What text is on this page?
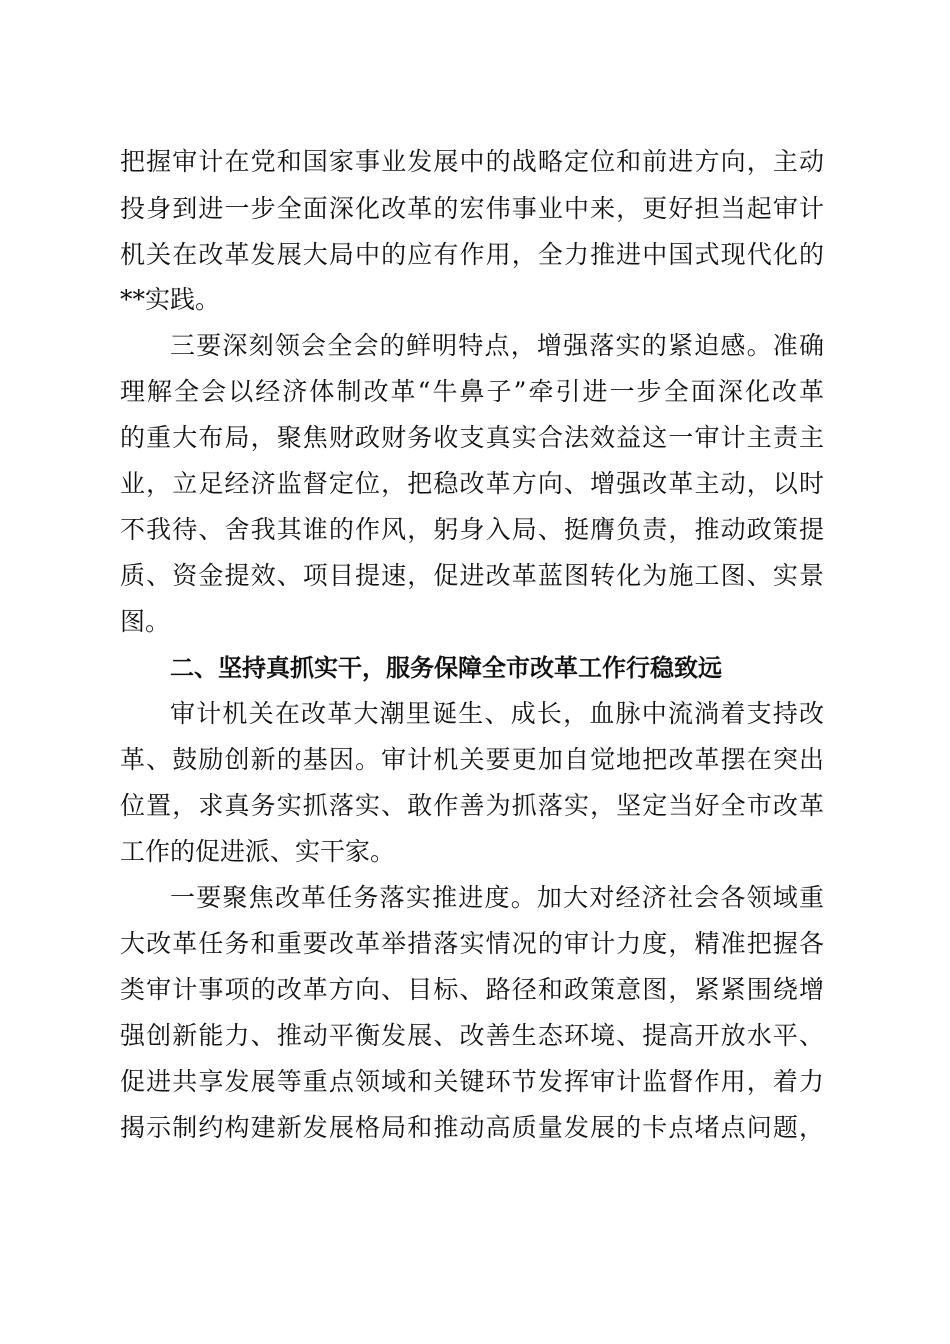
把握审计在党和国家事业发展中的战略定位和前进方向，主动
投身到进一步全面深化改革的宏伟事业中来，更好担当起审计
机关在改革发展大局中的应有作用，全力推进中国式现代化的
**实践。
三要深刻领会全会的鲜明特点，增强落实的紧迫感。准确
理解全会以经济体制改革“牛鼻子”牵引进一步全面深化改革
的重大布局，聚焦财政财务收支真实合法效益这一审计主责主
业，立足经济监督定位，把稳改革方向、增强改革主动，以时
不我待、舍我其谁的作风，躬身入局、挺膺负责，推动政策提
质、资金提效、项目提速，促进改革蓝图转化为施工图、实景
图。
二、坚持真抓实干，服务保障全市改革工作行稳致远
审计机关在改革大潮里诞生、成长，血脉中流淌着支持改
革、鼓励创新的基因。审计机关要更加自觉地把改革摆在突出
位置，求真务实抓落实、敢作善为抓落实，坚定当好全市改革
工作的促进派、实干家。
一要聚焦改革任务落实推进度。加大对经济社会各领域重
大改革任务和重要改革举措落实情况的审计力度，精准把握各
类审计事项的改革方向、目标、路径和政策意图，紧紧围绕增
强创新能力、推动平衡发展、改善生态环境、提高开放水平、
促进共享发展等重点领域和关键环节发挥审计监督作用，着力
揭示制约构建新发展格局和推动高质量发展的卡点堵点问题，
